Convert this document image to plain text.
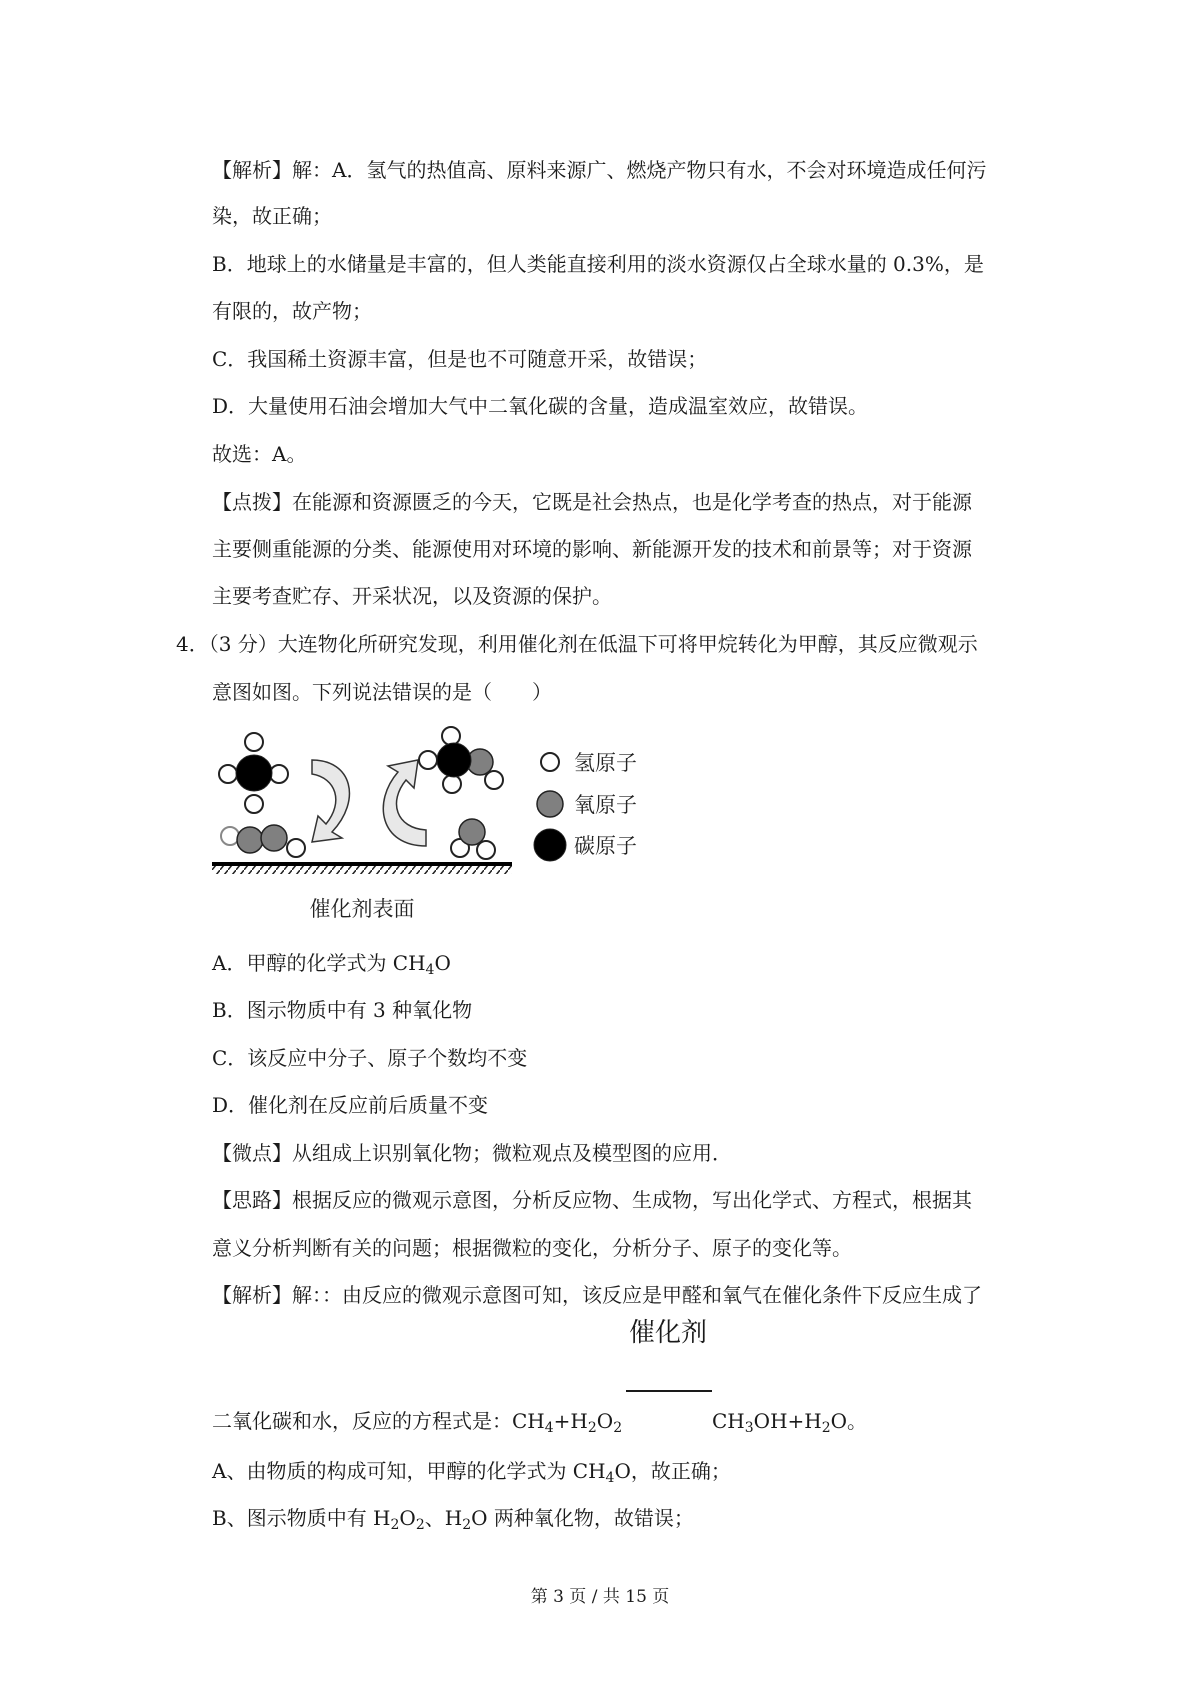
【解析】解：A．氢气的热值高、原料来源广、燃烧产物只有水，不会对环境造成任何污
染，故正确；
B．地球上的水储量是丰富的，但人类能直接利用的淡水资源仅占全球水量的 0.3%，是
有限的，故产物；
C．我国稀土资源丰富，但是也不可随意开采，故错误；
D．大量使用石油会增加大气中二氧化碳的含量，造成温室效应，故错误。
故选：A。
【点拨】在能源和资源匮乏的今天，它既是社会热点，也是化学考查的热点，对于能源
主要侧重能源的分类、能源使用对环境的影响、新能源开发的技术和前景等；对于资源
主要考查贮存、开采状况，以及资源的保护。
4．（3 分）大连物化所研究发现，利用催化剂在低温下可将甲烷转化为甲醇，其反应微观示
意图如图。下列说法错误的是（　　）
氢原子
氧原子
碳原子
催化剂表面
A．甲醇的化学式为 $CH_4O$
B．图示物质中有 3 种氧化物
C．该反应中分子、原子个数均不变
D．催化剂在反应前后质量不变
【微点】从组成上识别氧化物；微粒观点及模型图的应用．
【思路】根据反应的微观示意图，分析反应物、生成物，写出化学式、方程式，根据其
意义分析判断有关的问题；根据微粒的变化，分析分子、原子的变化等。
【解析】解：：由反应的微观示意图可知，该反应是甲醛和氧气在催化条件下反应生成了
催化剂
二氧化碳和水，反应的方程式是：$CH_4+H_2O_2$	$CH_3OH+H_2O$。
A、由物质的构成可知，甲醇的化学式为 $CH_4O$，故正确；
B、图示物质中有 $H_2O_2$、$H_2O$ 两种氧化物，故错误；
第 3 页 / 共 15 页
